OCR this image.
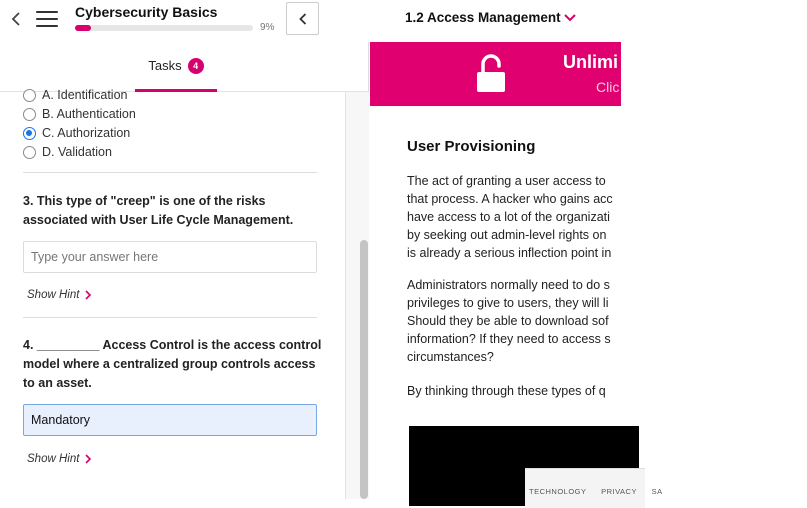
Cybersecurity Basics
9%
1.2 Access Management
Tasks	4
A. Identification
B. Authentication
C. Authorization
D. Validation
3. This type of "creep" is one of the risks associated with User Life Cycle Management.
Type your answer here
Show Hint
4. _________ Access Control is the access control model where a centralized group controls access to an asset.
Mandatory
Show Hint
Unlimi
Clic
User Provisioning
The act of granting a user access to
that process. A hacker who gains acc
have access to a lot of the organizati
by seeking out admin-level rights on
is already a serious inflection point in
Administrators normally need to do s
privileges to give to users, they will li
Should they be able to download sof
information? If they need to access s
circumstances?
By thinking through these types of q
TECHNOLOGY PRIVACY SA
